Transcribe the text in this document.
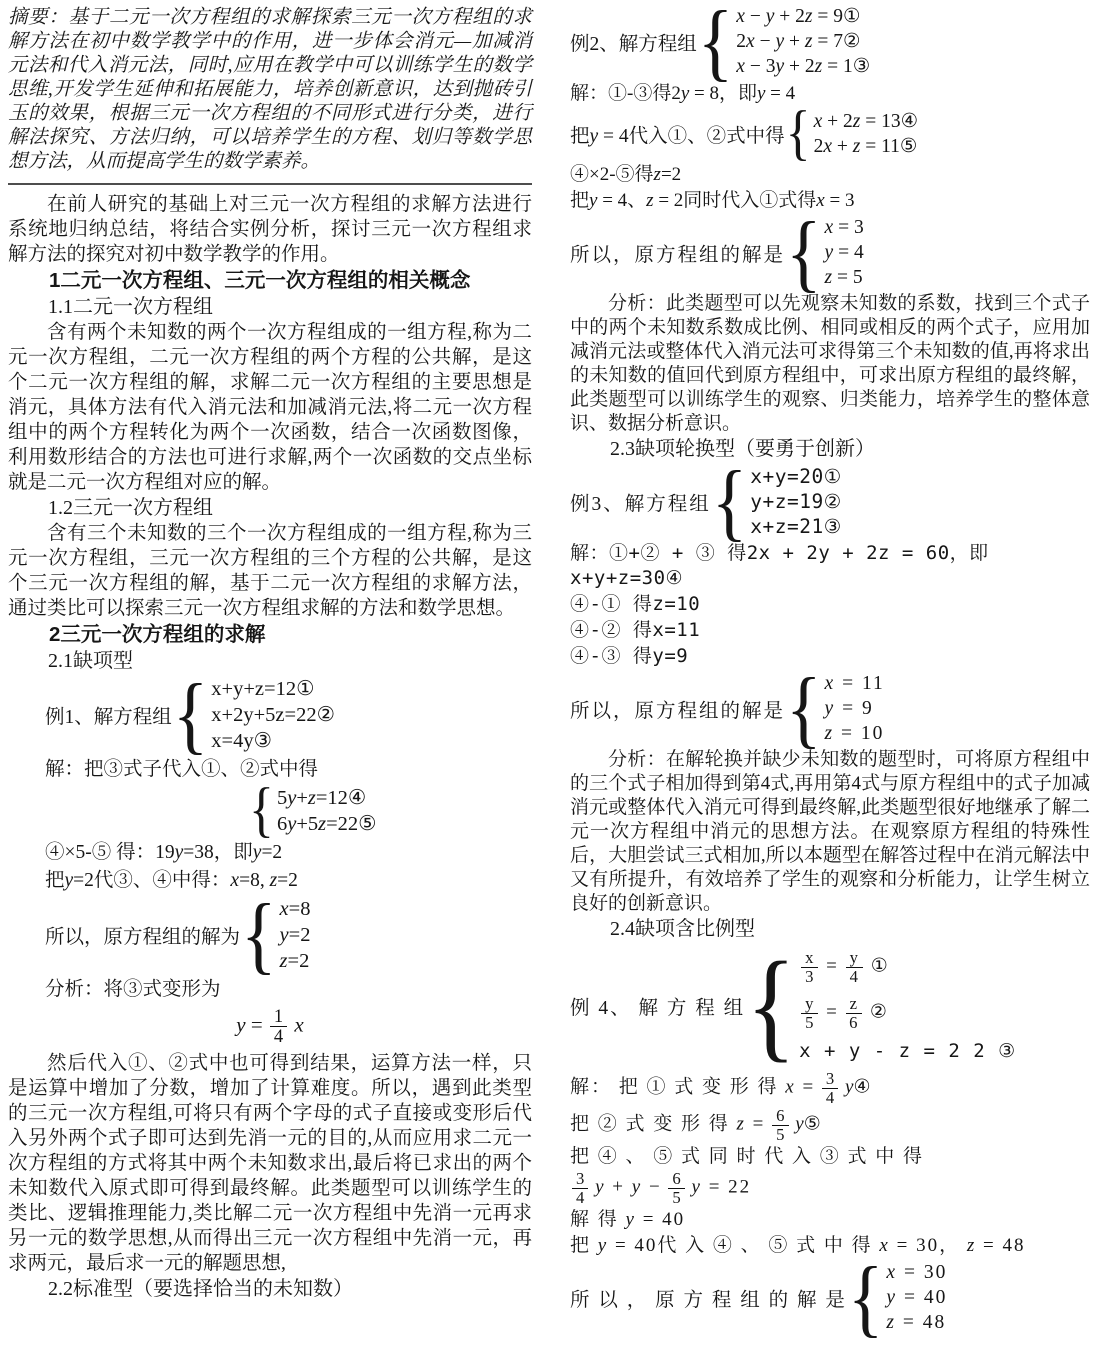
摘要：基于二元一次方程组的求解探索三元一次方程组的求解方法在初中数学教学中的作用，进一步体会消元—加减消元法和代入消元法，同时,应用在教学中可以训练学生的数学思维,开发学生延伸和拓展能力，培养创新意识，达到抛砖引玉的效果，根据三元一次方程组的不同形式进行分类，进行解法探究、方法归纳，可以培养学生的方程、划归等数学思想方法，从而提高学生的数学素养。

在前人研究的基础上对三元一次方程组的求解方法进行系统地归纳总结，将结合实例分析，探讨三元一次方程组求解方法的探究对初中数学教学的作用。

1二元一次方程组、三元一次方程组的相关概念
1.1二元一次方程组

含有两个未知数的两个一次方程组成的一组方程,称为二元一次方程组，二元一次方程组的两个方程的公共解，是这个二元一次方程组的解，求解二元一次方程组的主要思想是消元，具体方法有代入消元法和加减消元法,将二元一次方程组中的两个方程转化为两个一次函数，结合一次函数图像，利用数形结合的方法也可进行求解,两个一次函数的交点坐标就是二元一次方程组对应的解。

1.2三元一次方程组

含有三个未知数的三个一次方程组成的一组方程,称为三元一次方程组，三元一次方程组的三个方程的公共解，是这个三元一次方程组的解，基于二元一次方程组的求解方法，通过类比可以探索三元一次方程组求解的方法和数学思想。

2三元一次方程组的求解
2.1缺项型
例1、解方程组 { x+y+z=12①
x+2y+5z=22②
x=4y③
解：把③式子代入①、②式中得
{ 5y+z=12④
6y+5z=22⑤
④×5-⑤ 得：19y=38，即y=2
把y=2代③、④中得：x=8, z=2
所以，原方程组的解为 { x=8
y=2
z=2
分析：将③式变形为
$y = \frac{1}{4}$ x

然后代入①、②式中也可得到结果，运算方法一样，只是运算中增加了分数，增加了计算难度。所以，遇到此类型的三元一次方程组,可将只有两个字母的式子直接或变形后代入另外两个式子即可达到先消一元的目的,从而应用求二元一次方程组的方式将其中两个未知数求出,最后将已求出的两个未知数代入原式即可得到最终解。此类题型可以训练学生的类比、逻辑推理能力,类比解二元一次方程组中先消一元再求另一元的数学思想,从而得出三元一次方程组中先消一元，再求两元，最后求一元的解题思想,

2.2标准型（要选择恰当的未知数）
例2、解方程组 { x − y + 2z = 9①
2x − y + z = 7②
x − 3y + 2z = 1③
解：①-③得2y = 8，即y = 4
把y = 4代入①、②式中得 { x + 2z = 13④
2x + z = 11⑤
④×2-⑤得z=2
把y = 4、z = 2同时代入①式得x = 3
所以，原方程组的解是 { x = 3
y = 4
z = 5

分析：此类题型可以先观察未知数的系数，找到三个式子中的两个未知数系数成比例、相同或相反的两个式子，应用加减消元法或整体代入消元法可求得第三个未知数的值,再将求出的未知数的值回代到原方程组中，可求出原方程组的最终解，此类题型可以训练学生的观察、归类能力，培养学生的整体意识、数据分析意识。

2.3缺项轮换型（要勇于创新）
例3、解方程组 { x+y=20①
y+z=19②
x+z=21③
解：①+② + ③ 得2x + 2y + 2z = 60，即x+y+z=30④
④-① 得z=10
④-② 得x=11
④-③ 得y=9
所以，原方程组的解是 { x = 11
y = 9
z = 10

分析：在解轮换并缺少未知数的题型时，可将原方程组中的三个式子相加得到第4式,再用第4式与原方程组中的式子加减消元或整体代入消元可得到最终解,此类题型很好地继承了解二元一次方程组中消元的思想方法。在观察原方程组的特殊性后，大胆尝试三式相加,所以本题型在解答过程中在消元解法中又有所提升，有效培养了学生的观察和分析能力，让学生树立良好的创新意识。

2.4缺项含比例型
例 4、 解 方 程 组 { $\frac{x}{3} = \frac{y}{4}$ ①
$\frac{y}{5} = \frac{z}{6}$ ②
x + y - z = 2 2 ③
解： 把 ① 式 变 形 得 $x = \frac{3}{4}$ y④
把 ② 式 变 形 得 $z = \frac{6}{5}$ y⑤
把 ④ 、 ⑤ 式 同 时 代 入 ③ 式 中 得
$\frac{3}{4}$ $y + y - \frac{6}{5}$ y = 22
解 得 y = 40
把 y = 40代 入 ④ 、 ⑤ 式 中 得 x = 30， z = 48
所 以 ， 原 方 程 组 的 解 是 { x = 30
y = 40
z = 48
